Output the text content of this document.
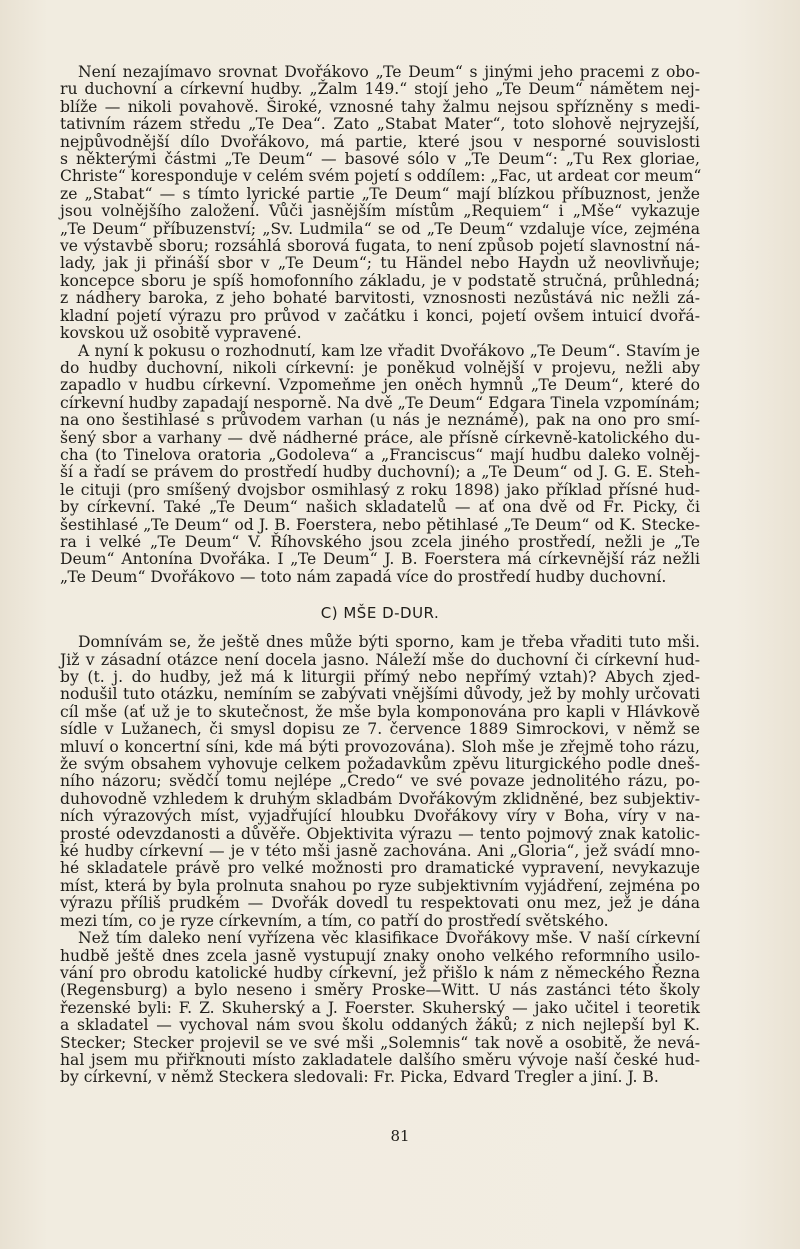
Není nezajímavo srovnat Dvořákovo „Te Deum“ s jinými jeho pracemi z obo-
ru duchovní a církevní hudby. „Žalm 149.“ stojí jeho „Te Deum“ námětem nej-
blíže — nikoli povahově. Široké, vznosné tahy žalmu nejsou spřízněny s medi-
tativním rázem středu „Te Dea“. Zato „Stabat Mater“, toto slohově nejryzejší,
nejpůvodnější dílo Dvořákovo, má partie, které jsou v nesporné souvislosti
s některými částmi „Te Deum“ — basové sólo v „Te Deum“: „Tu Rex gloriae,
Christe“ koresponduje v celém svém pojetí s oddílem: „Fac, ut ardeat cor meum“
ze „Stabat“ — s tímto lyrické partie „Te Deum“ mají blízkou příbuznost, jenže
jsou volnějšího založení. Vůči jasnějším místům „Requiem“ i „Mše“ vykazuje
„Te Deum“ příbuzenství; „Sv. Ludmila“ se od „Te Deum“ vzdaluje více, zejména
ve výstavbě sboru; rozsáhlá sborová fugata, to není způsob pojetí slavnostní ná-
lady, jak ji přináší sbor v „Te Deum“; tu Händel nebo Haydn už neovlivňuje;
koncepce sboru je spíš homofonního základu, je v podstatě stručná, průhledná;
z nádhery baroka, z jeho bohaté barvitosti, vznosnosti nezůstává nic nežli zá-
kladní pojetí výrazu pro průvod v začátku i konci, pojetí ovšem intuicí dvořá-
kovskou už osobitě vypravené.

A nyní k pokusu o rozhodnutí, kam lze vřadit Dvořákovo „Te Deum“. Stavím je
do hudby duchovní, nikoli církevní: je poněkud volnější v projevu, nežli aby
zapadlo v hudbu církevní. Vzpomeňme jen oněch hymnů „Te Deum“, které do
církevní hudby zapadají nesporně. Na dvě „Te Deum“ Edgara Tinela vzpomínám;
na ono šestihlasé s průvodem varhan (u nás je neznámé), pak na ono pro smí-
šený sbor a varhany — dvě nádherné práce, ale přísně církevně-katolického du-
cha (to Tinelova oratoria „Godoleva“ a „Franciscus“ mají hudbu daleko volněj-
ší a řadí se právem do prostředí hudby duchovní); a „Te Deum“ od J. G. E. Steh-
le cituji (pro smíšený dvojsbor osmihlasý z roku 1898) jako příklad přísné hud-
by církevní. Také „Te Deum“ našich skladatelů — ať ona dvě od Fr. Picky, či
šestihlasé „Te Deum“ od J. B. Foerstera, nebo pětihlasé „Te Deum“ od K. Stecke-
ra i velké „Te Deum“ V. Říhovského jsou zcela jiného prostředí, nežli je „Te
Deum“ Antonína Dvořáka. I „Te Deum“ J. B. Foerstera má církevnější ráz nežli
„Te Deum“ Dvořákovo — toto nám zapadá více do prostředí hudby duchovní.

C) MŠE D-DUR.

Domnívám se, že ještě dnes může býti sporno, kam je třeba vřaditi tuto mši.
Již v zásadní otázce není docela jasno. Náleží mše do duchovní či církevní hud-
by (t. j. do hudby, jež má k liturgii přímý nebo nepřímý vztah)? Abych zjed-
nodušil tuto otázku, nemíním se zabývati vnějšími důvody, jež by mohly určovati
cíl mše (ať už je to skutečnost, že mše byla komponována pro kapli v Hlávkově
sídle v Lužanech, či smysl dopisu ze 7. července 1889 Simrockovi, v němž se
mluví o koncertní síni, kde má býti provozována). Sloh mše je zřejmě toho rázu,
že svým obsahem vyhovuje celkem požadavkům zpěvu liturgického podle dneš-
ního názoru; svědčí tomu nejlépe „Credo“ ve své povaze jednolitého rázu, po-
duhovodně vzhledem k druhým skladbám Dvořákovým zklidněné, bez subjektiv-
ních výrazových míst, vyjadřující hloubku Dvořákovy víry v Boha, víry v na-
prosté odevzdanosti a důvěře. Objektivita výrazu — tento pojmový znak katolic-
ké hudby církevní — je v této mši jasně zachována. Ani „Gloria“, jež svádí mno-
hé skladatele právě pro velké možnosti pro dramatické vypravení, nevykazuje
míst, která by byla prolnuta snahou po ryze subjektivním vyjádření, zejména po
výrazu příliš prudkém — Dvořák dovedl tu respektovati onu mez, jež je dána
mezi tím, co je ryze církevním, a tím, co patří do prostředí světského.

Než tím daleko není vyřízena věc klasifikace Dvořákovy mše. V naší církevní
hudbě ještě dnes zcela jasně vystupují znaky onoho velkého reformního usilo-
vání pro obrodu katolické hudby církevní, jež přišlo k nám z německého Řezna
(Regensburg) a bylo neseno i směry Proske—Witt. U nás zastánci této školy
řezenské byli: F. Z. Skuherský a J. Foerster. Skuherský — jako učitel i teoretik
a skladatel — vychoval nám svou školu oddaných žáků; z nich nejlepší byl K.
Stecker; Stecker projevil se ve své mši „Solemnis“ tak nově a osobitě, že nevá-
hal jsem mu přiřknouti místo zakladatele dalšího směru vývoje naší české hud-
by církevní, v němž Steckera sledovali: Fr. Picka, Edvard Tregler a jiní. J. B.

81
